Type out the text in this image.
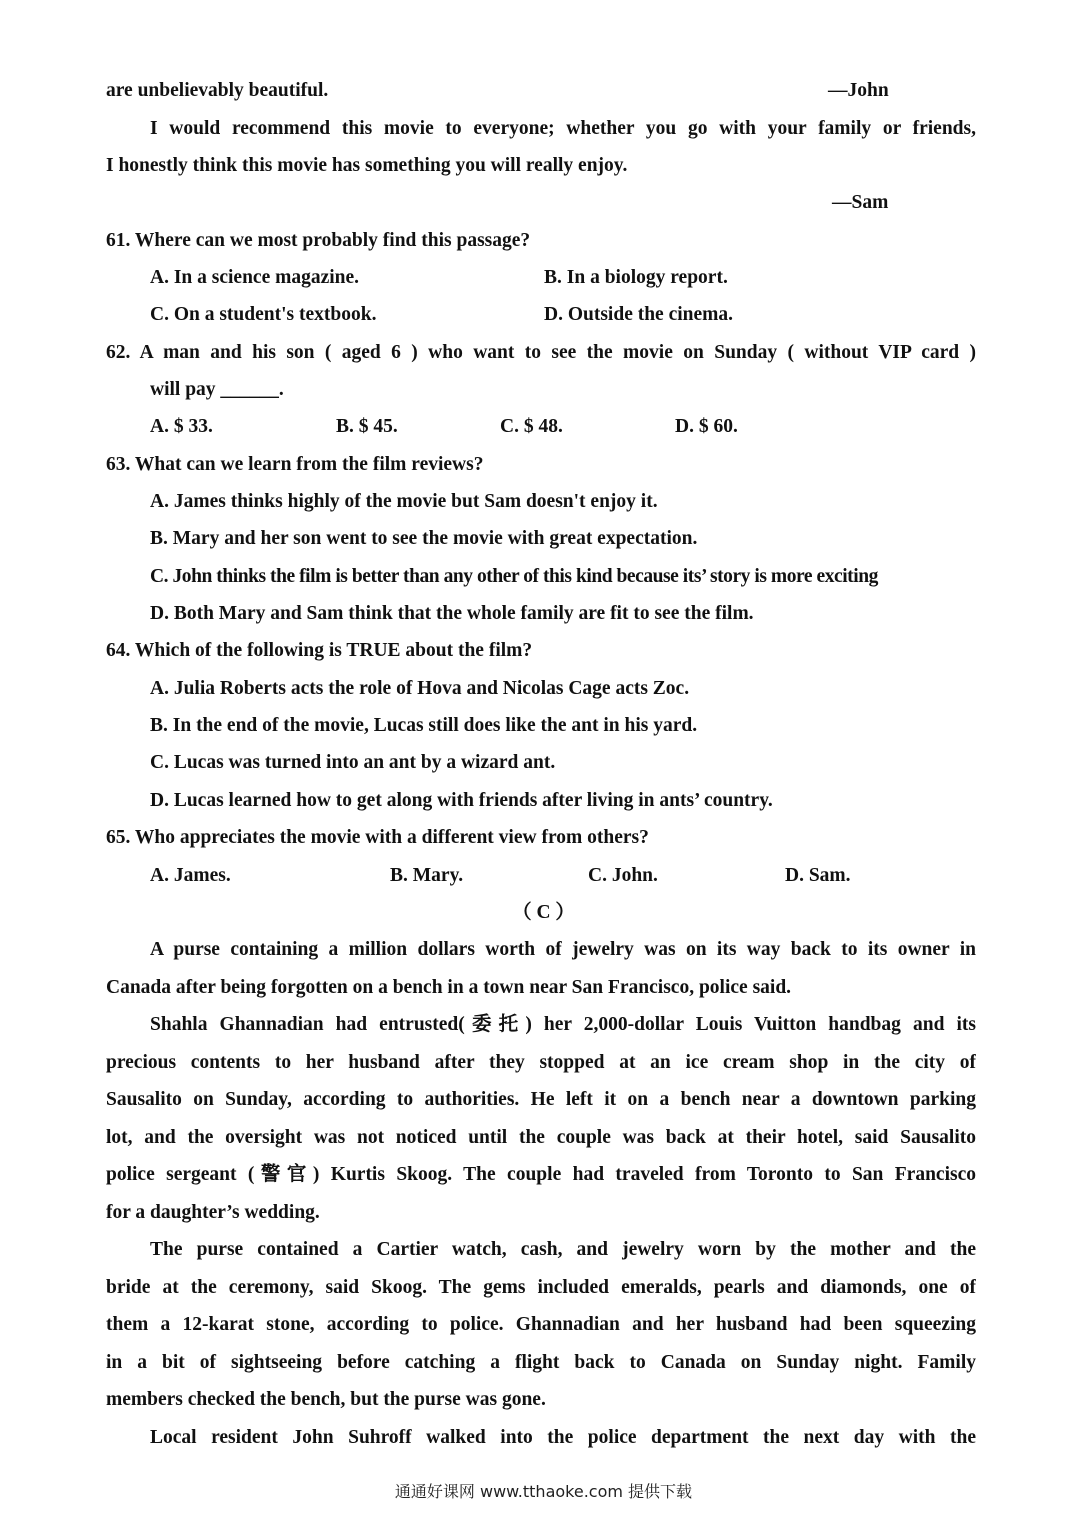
are unbelievably beautiful.
I would recommend this movie to everyone; whether you go with your family or friends,
I honestly think this movie has something you will really enjoy.
—John
—Sam
61. Where can we most probably find this passage?
A. In a science magazine.	B. In a biology report.
C. On a student's textbook.	D. Outside the cinema.
62. A man and his son ( aged 6 ) who want to see the movie on Sunday ( without VIP card )
will pay ______.
A. $ 33.	B. $ 45.	C. $ 48.	D. $ 60.
63. What can we learn from the film reviews?
A. James thinks highly of the movie but Sam doesn't enjoy it.
B. Mary and her son went to see the movie with great expectation.
C. John thinks the film is better than any other of this kind because its’ story is more exciting
D. Both Mary and Sam think that the whole family are fit to see the film.
64. Which of the following is TRUE about the film?
A. Julia Roberts acts the role of Hova and Nicolas Cage acts Zoc.
B. In the end of the movie, Lucas still does like the ant in his yard.
C. Lucas was turned into an ant by a wizard ant.
D. Lucas learned how to get along with friends after living in ants’ country.
65. Who appreciates the movie with a different view from others?
A. James.	B. Mary.	C. John.	D. Sam.
（ C ）
A purse containing a million dollars worth of jewelry was on its way back to its owner in
Canada after being forgotten on a bench in a town near San Francisco, police said.
Shahla Ghannadian had entrusted(委托) her 2,000-dollar Louis Vuitton handbag and its
precious contents to her husband after they stopped at an ice cream shop in the city of
Sausalito on Sunday, according to authorities. He left it on a bench near a downtown parking
lot, and the oversight was not noticed until the couple was back at their hotel, said Sausalito
police sergeant (警官) Kurtis Skoog. The couple had traveled from Toronto to San Francisco
for a daughter’s wedding.
The purse contained a Cartier watch, cash, and jewelry worn by the mother and the
bride at the ceremony, said Skoog. The gems included emeralds, pearls and diamonds, one of
them a 12-karat stone, according to police. Ghannadian and her husband had been squeezing
in a bit of sightseeing before catching a flight back to Canada on Sunday night. Family
members checked the bench, but the purse was gone.
Local resident John Suhroff walked into the police department the next day with the
通通好课网 www.tthaoke.com 提供下载
